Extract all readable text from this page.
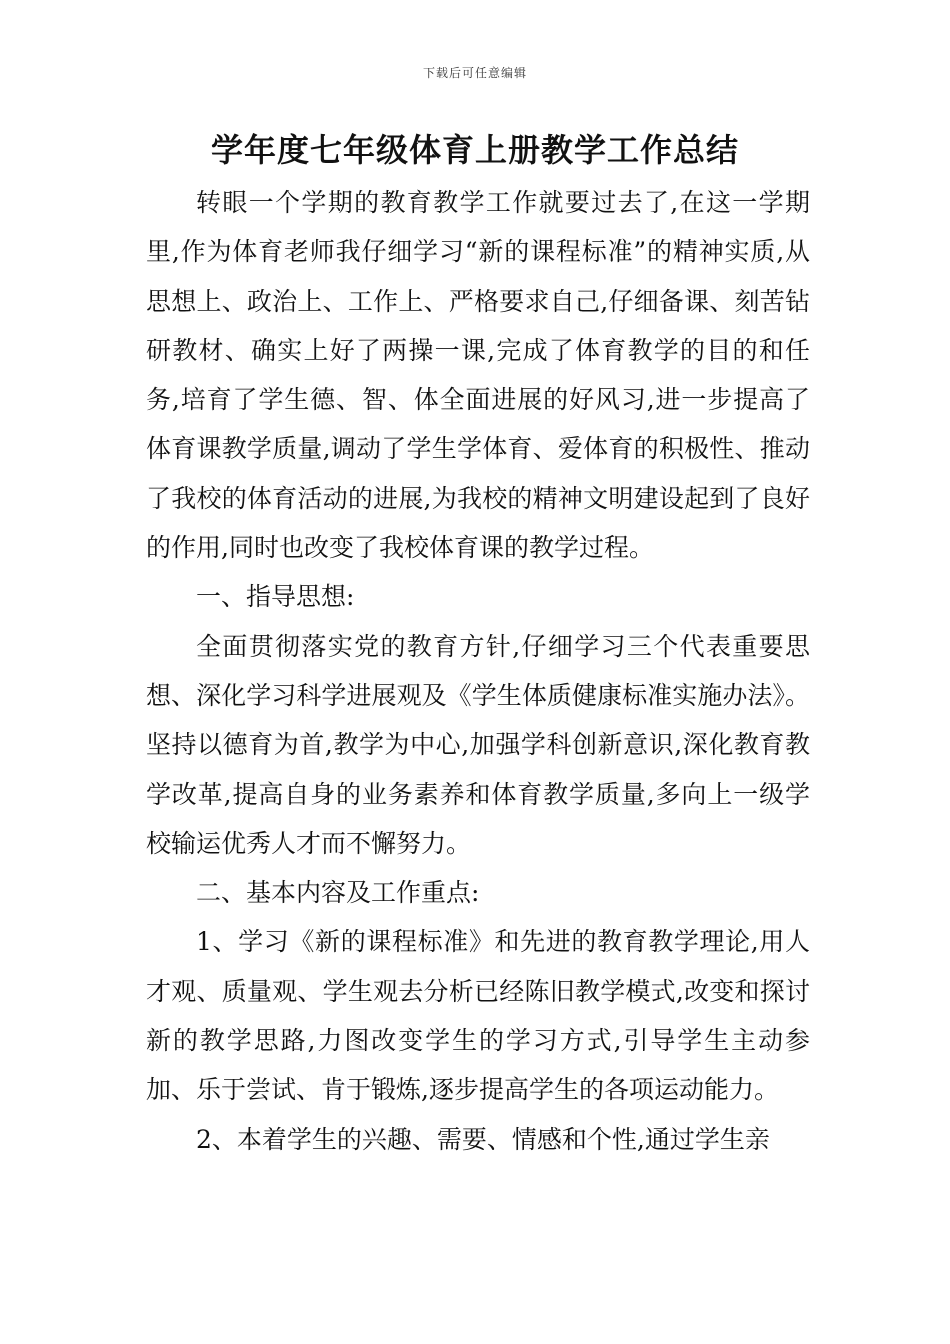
下载后可任意编辑
学年度七年级体育上册教学工作总结

转眼一个学期的教育教学工作就要过去了,在这一学期里,作为体育老师我仔细学习“新的课程标准”的精神实质,从思想上、政治上、工作上、严格要求自己,仔细备课、刻苦钻研教材、确实上好了两操一课,完成了体育教学的目的和任务,培育了学生德、智、体全面进展的好风习,进一步提高了体育课教学质量,调动了学生学体育、爱体育的积极性、推动了我校的体育活动的进展,为我校的精神文明建设起到了良好的作用,同时也改变了我校体育课的教学过程。

一、指导思想:

全面贯彻落实党的教育方针,仔细学习三个代表重要思想、深化学习科学进展观及《学生体质健康标准实施办法》。坚持以德育为首,教学为中心,加强学科创新意识,深化教育教学改革,提高自身的业务素养和体育教学质量,多向上一级学校输运优秀人才而不懈努力。

二、基本内容及工作重点:

1、学习《新的课程标准》和先进的教育教学理论,用人才观、质量观、学生观去分析已经陈旧教学模式,改变和探讨新的教学思路,力图改变学生的学习方式,引导学生主动参加、乐于尝试、肯于锻炼,逐步提高学生的各项运动能力。

2、本着学生的兴趣、需要、情感和个性,通过学生亲
